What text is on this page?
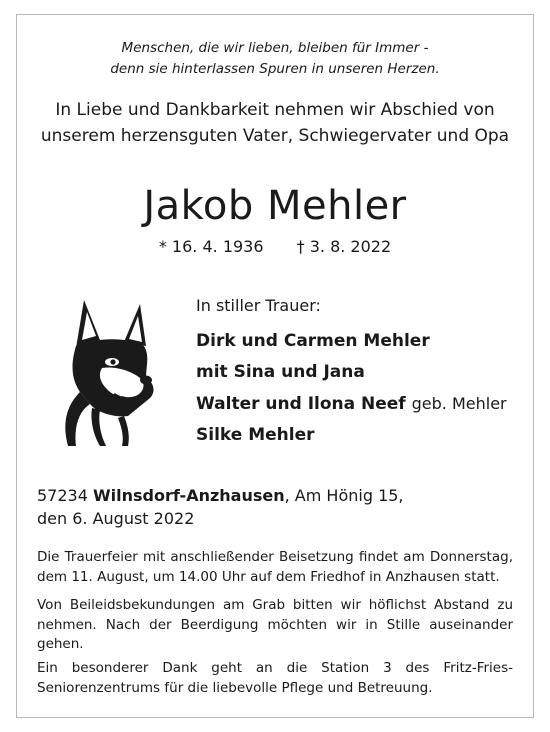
Menschen, die wir lieben, bleiben für Immer -
denn sie hinterlassen Spuren in unseren Herzen.
In Liebe und Dankbarkeit nehmen wir Abschied von
unserem herzensguten Vater, Schwiegervater und Opa
Jakob Mehler
* 16. 4. 1936 † 3. 8. 2022
In stiller Trauer:
Dirk und Carmen Mehler
mit Sina und Jana
Walter und Ilona Neef geb. Mehler
Silke Mehler
57234 Wilnsdorf-Anzhausen, Am Hönig 15,
den 6. August 2022
Die Trauerfeier mit anschließender Beisetzung findet am Donnerstag, dem 11. August, um 14.00 Uhr auf dem Friedhof in Anzhausen statt.
Von Beileidsbekundungen am Grab bitten wir höflichst Abstand zu nehmen. Nach der Beerdigung möchten wir in Stille auseinander gehen.
Ein besonderer Dank geht an die Station 3 des Fritz-Fries-Seniorenzentrums für die liebevolle Pflege und Betreuung.
